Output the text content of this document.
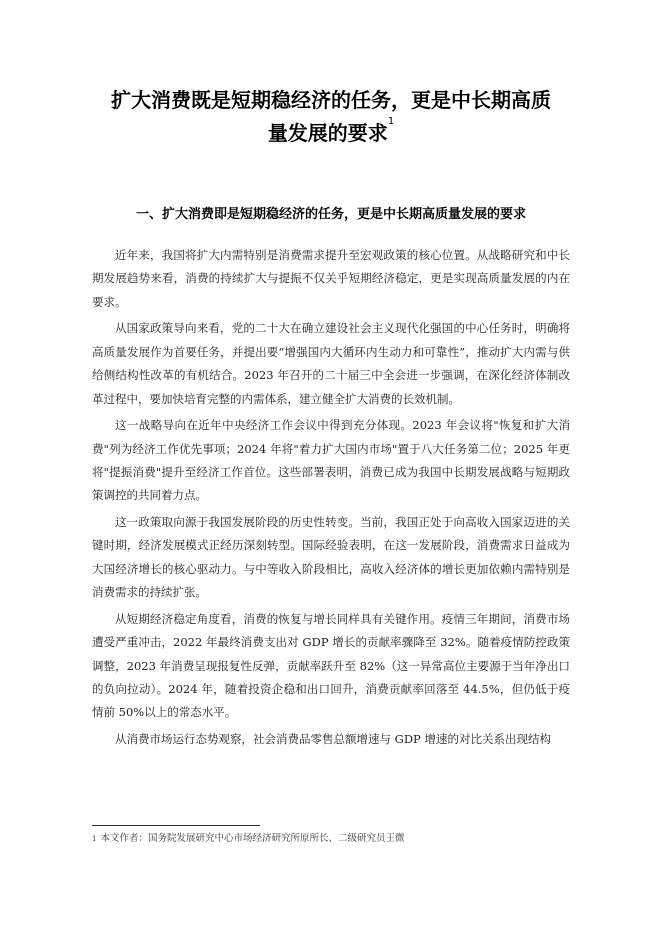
扩大消费既是短期稳经济的任务，更是中长期高质
量发展的要求$^1$
一、扩大消费即是短期稳经济的任务，更是中长期高质量发展的要求

近年来，我国将扩大内需特别是消费需求提升至宏观政策的核心位置。从战略研究和中长期发展趋势来看，消费的持续扩大与提振不仅关乎短期经济稳定，更是实现高质量发展的内在要求。

从国家政策导向来看，党的二十大在确立建设社会主义现代化强国的中心任务时，明确将高质量发展作为首要任务，并提出要“增强国内大循环内生动力和可靠性”，推动扩大内需与供给侧结构性改革的有机结合。2023 年召开的二十届三中全会进一步强调，在深化经济体制改革过程中，要加快培育完整的内需体系，建立健全扩大消费的长效机制。

这一战略导向在近年中央经济工作会议中得到充分体现。2023 年会议将"恢复和扩大消费"列为经济工作优先事项；2024 年将"着力扩大国内市场"置于八大任务第二位；2025 年更将"提振消费"提升至经济工作首位。这些部署表明，消费已成为我国中长期发展战略与短期政策调控的共同着力点。

这一政策取向源于我国发展阶段的历史性转变。当前，我国正处于向高收入国家迈进的关键时期，经济发展模式正经历深刻转型。国际经验表明，在这一发展阶段，消费需求日益成为大国经济增长的核心驱动力。与中等收入阶段相比，高收入经济体的增长更加依赖内需特别是消费需求的持续扩张。

从短期经济稳定角度看，消费的恢复与增长同样具有关键作用。疫情三年期间，消费市场遭受严重冲击，2022 年最终消费支出对 GDP 增长的贡献率骤降至 32%。随着疫情防控政策调整，2023 年消费呈现报复性反弹，贡献率跃升至 82%（这一异常高位主要源于当年净出口的负向拉动）。2024 年，随着投资企稳和出口回升，消费贡献率回落至 44.5%，但仍低于疫情前 50%以上的常态水平。

从消费市场运行态势观察，社会消费品零售总额增速与 GDP 增速的对比关系出现结构

$^1$ 本文作者：国务院发展研究中心市场经济研究所原所长、二级研究员王微
